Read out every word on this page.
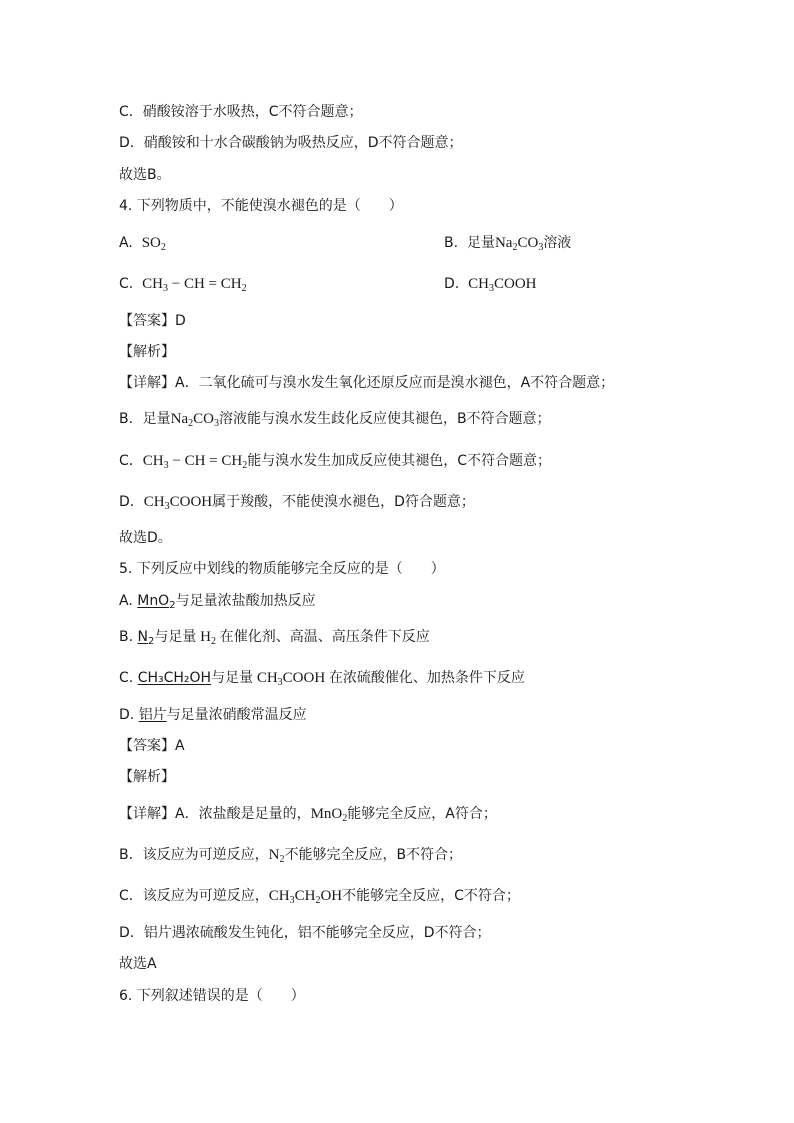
C．硝酸铵溶于水吸热，C不符合题意；
D．硝酸铵和十水合碳酸钠为吸热反应，D不符合题意；
故选B。
4. 下列物质中，不能使溴水褪色的是（　　）
A. $SO_2$	B. 足量$Na_2CO_3$溶液
C. $CH_3$ − CH = $CH_2$	D. $CH_3COOH$
【答案】D
【解析】
【详解】A．二氧化硫可与溴水发生氧化还原反应而是溴水褪色，A不符合题意；
B．足量$Na_2CO_3$溶液能与溴水发生歧化反应使其褪色，B不符合题意；
C．$CH_3$ − CH = $CH_2$能与溴水发生加成反应使其褪色，C不符合题意；
D．$CH_3COOH$属于羧酸，不能使溴水褪色，D符合题意；
故选D。
5. 下列反应中划线的物质能够完全反应的是（　　）
A. MnO$_2$与足量浓盐酸加热反应
B. $N_2$与足量 $H_2$ 在催化剂、高温、高压条件下反应
C. CH₃CH₂OH与足量 $CH_3COOH$ 在浓硫酸催化、加热条件下反应
D. 铝片与足量浓硝酸常温反应
【答案】A
【解析】
【详解】A．浓盐酸是足量的，MnO$_2$能够完全反应，A符合；
B．该反应为可逆反应，$N_2$不能够完全反应，B不符合；
C．该反应为可逆反应，$CH_3CH_2OH$不能够完全反应，C不符合；
D．铝片遇浓硫酸发生钝化，铝不能够完全反应，D不符合；
故选A
6. 下列叙述错误的是（　　）
